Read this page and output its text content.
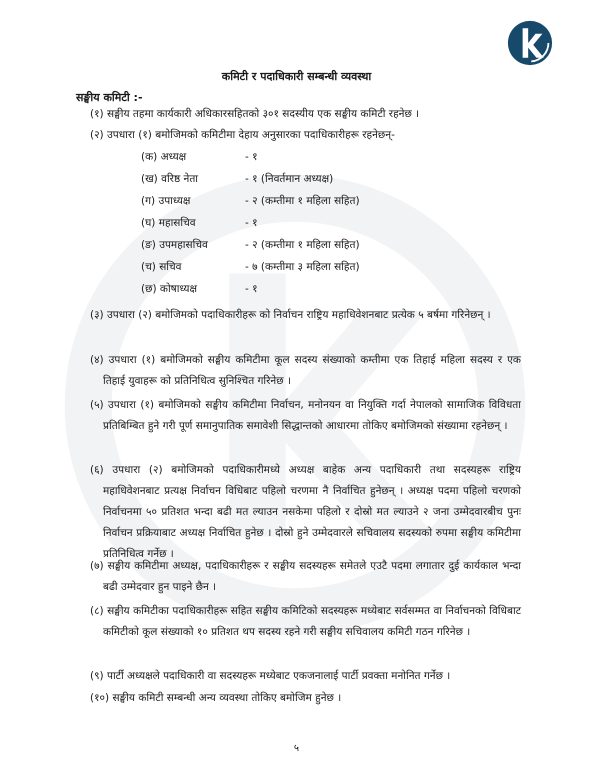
कमिटी र पदाधिकारी सम्बन्धी व्यवस्था
सङ्घीय कमिटी :-
(१) सङ्घीय तहमा कार्यकारी अधिकारसहितको ३०१ सदस्यीय एक सङ्घीय कमिटी रहनेछ ।
(२) उपधारा (१) बमोजिमको कमिटीमा देहाय अनुसारका पदाधिकारीहरू रहनेछन्-
(क) अध्यक्ष	- १
(ख) वरिष्ठ नेता	- १ (निवर्तमान अध्यक्ष)
(ग) उपाध्यक्ष	- २ (कम्तीमा १ महिला सहित)
(घ) महासचिव	- १
(ङ) उपमहासचिव	- २ (कम्तीमा १ महिला सहित)
(च) सचिव	- ७ (कम्तीमा ३ महिला सहित)
(छ) कोषाध्यक्ष	- १
(३) उपधारा (२) बमोजिमको पदाधिकारीहरू को निर्वाचन राष्ट्रिय महाधिवेशनबाट प्रत्येक ५ बर्षमा गरिनेछन् ।
(४) उपधारा (१) बमोजिमको सङ्घीय कमिटीमा कूल सदस्य संख्याको कम्तीमा एक तिहाई महिला सदस्य र एक तिहाई युवाहरू को प्रतिनिधित्व सुनिश्चित गरिनेछ ।
(५) उपधारा (१) बमोजिमको सङ्घीय कमिटीमा निर्वाचन, मनोनयन वा नियुक्ति गर्दा नेपालको सामाजिक विविधता प्रतिबिम्बित हुने गरी पूर्ण समानुपातिक समावेशी सिद्धान्तको आधारमा तोकिए बमोजिमको संख्यामा रहनेछन् ।
(६) उपधारा (२) बमोजिमको पदाधिकारीमध्ये अध्यक्ष बाहेक अन्य पदाधिकारी तथा सदस्यहरू राष्ट्रिय महाधिवेशनबाट प्रत्यक्ष निर्वाचन विधिबाट पहिलो चरणमा नै निर्वाचित हुनेछन् । अध्यक्ष पदमा पहिलो चरणको निर्वाचनमा ५० प्रतिशत भन्दा बढी मत ल्याउन नसकेमा पहिलो र दोस्रो मत ल्याउने २ जना उम्मेदवारबीच पुनः निर्वाचन प्रक्रियाबाट अध्यक्ष निर्वाचित हुनेछ । दोस्रो हुने उम्मेदवारले सचिवालय सदस्यको रुपमा सङ्घीय कमिटीमा प्रतिनिधित्व गर्नेछ ।
(७) सङ्घीय कमिटीमा अध्यक्ष, पदाधिकारीहरू र सङ्घीय सदस्यहरू समेतले एउटै पदमा लगातार दुई कार्यकाल भन्दा बढी उम्मेदवार हुन पाइने छैन ।
(८) सङ्घीय कमिटीका पदाधिकारीहरू सहित सङ्घीय कमिटिको सदस्यहरू मध्येबाट सर्वसम्मत वा निर्वाचनको विधिबाट कमिटीको कूल संख्याको १० प्रतिशत थप सदस्य रहने गरी सङ्घीय सचिवालय कमिटी गठन गरिनेछ ।
(९) पार्टी अध्यक्षले पदाधिकारी वा सदस्यहरू मध्येबाट एकजनालाई पार्टी प्रवक्ता मनोनित गर्नेछ ।
(१०) सङ्घीय कमिटी सम्बन्धी अन्य व्यवस्था तोकिए बमोजिम हुनेछ ।
५
